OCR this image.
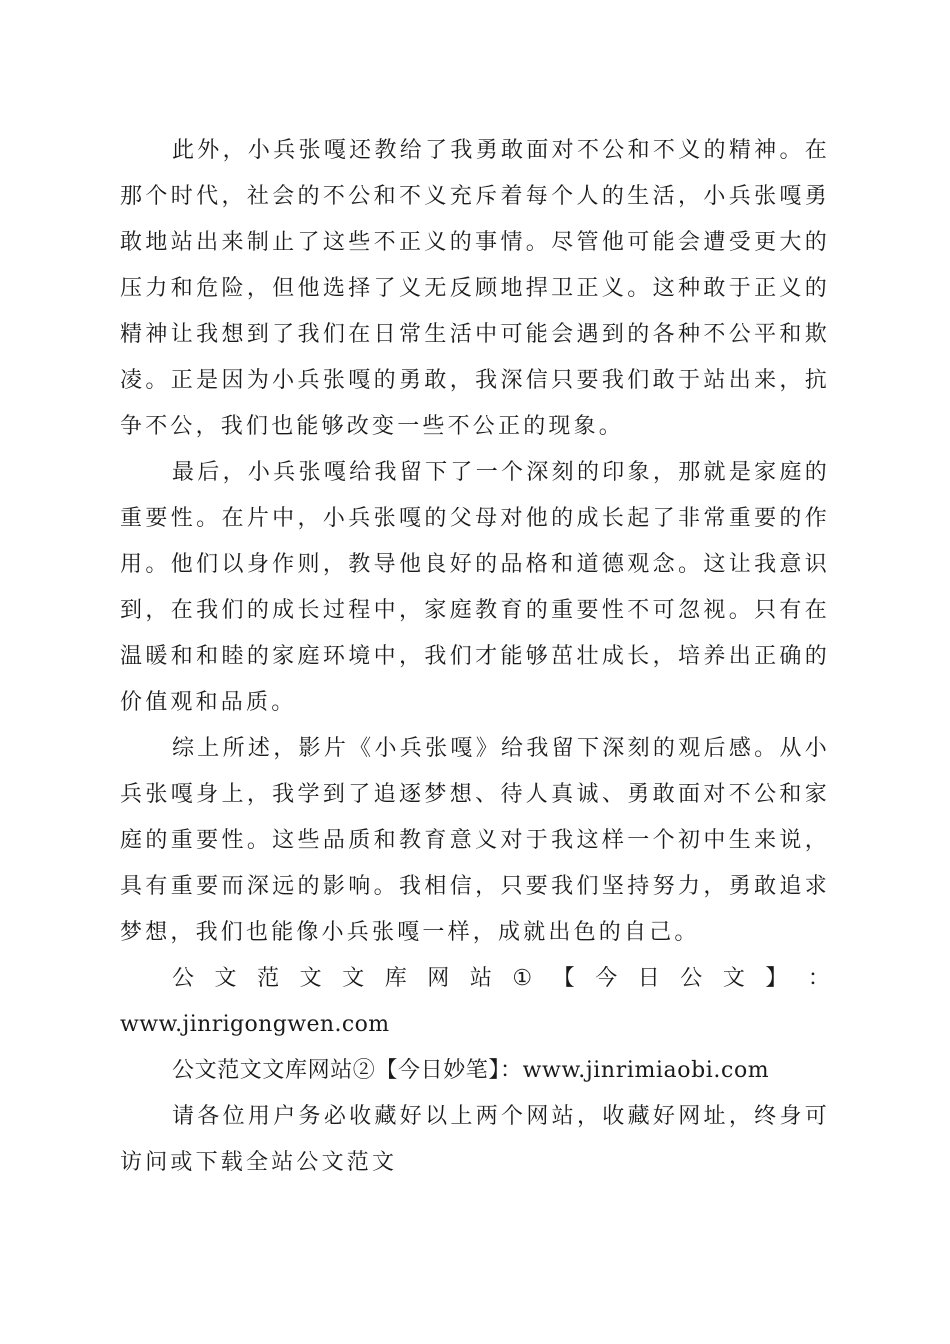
此外，小兵张嘎还教给了我勇敢面对不公和不义的精神。在那个时代，社会的不公和不义充斥着每个人的生活，小兵张嘎勇敢地站出来制止了这些不正义的事情。尽管他可能会遭受更大的压力和危险，但他选择了义无反顾地捍卫正义。这种敢于正义的精神让我想到了我们在日常生活中可能会遇到的各种不公平和欺凌。正是因为小兵张嘎的勇敢，我深信只要我们敢于站出来，抗争不公，我们也能够改变一些不公正的现象。

最后，小兵张嘎给我留下了一个深刻的印象，那就是家庭的重要性。在片中，小兵张嘎的父母对他的成长起了非常重要的作用。他们以身作则，教导他良好的品格和道德观念。这让我意识到，在我们的成长过程中，家庭教育的重要性不可忽视。只有在温暖和和睦的家庭环境中，我们才能够茁壮成长，培养出正确的价值观和品质。

综上所述，影片《小兵张嘎》给我留下深刻的观后感。从小兵张嘎身上，我学到了追逐梦想、待人真诚、勇敢面对不公和家庭的重要性。这些品质和教育意义对于我这样一个初中生来说，具有重要而深远的影响。我相信，只要我们坚持努力，勇敢追求梦想，我们也能像小兵张嘎一样，成就出色的自己。

公 文 范 文 文 库 网 站 ① 【 今 日 公 文 】 ：

www.jinrigongwen.com

公文范文文库网站②【今日妙笔】：www.jinrimiaobi.com

请各位用户务必收藏好以上两个网站，收藏好网址，终身可访问或下载全站公文范文
